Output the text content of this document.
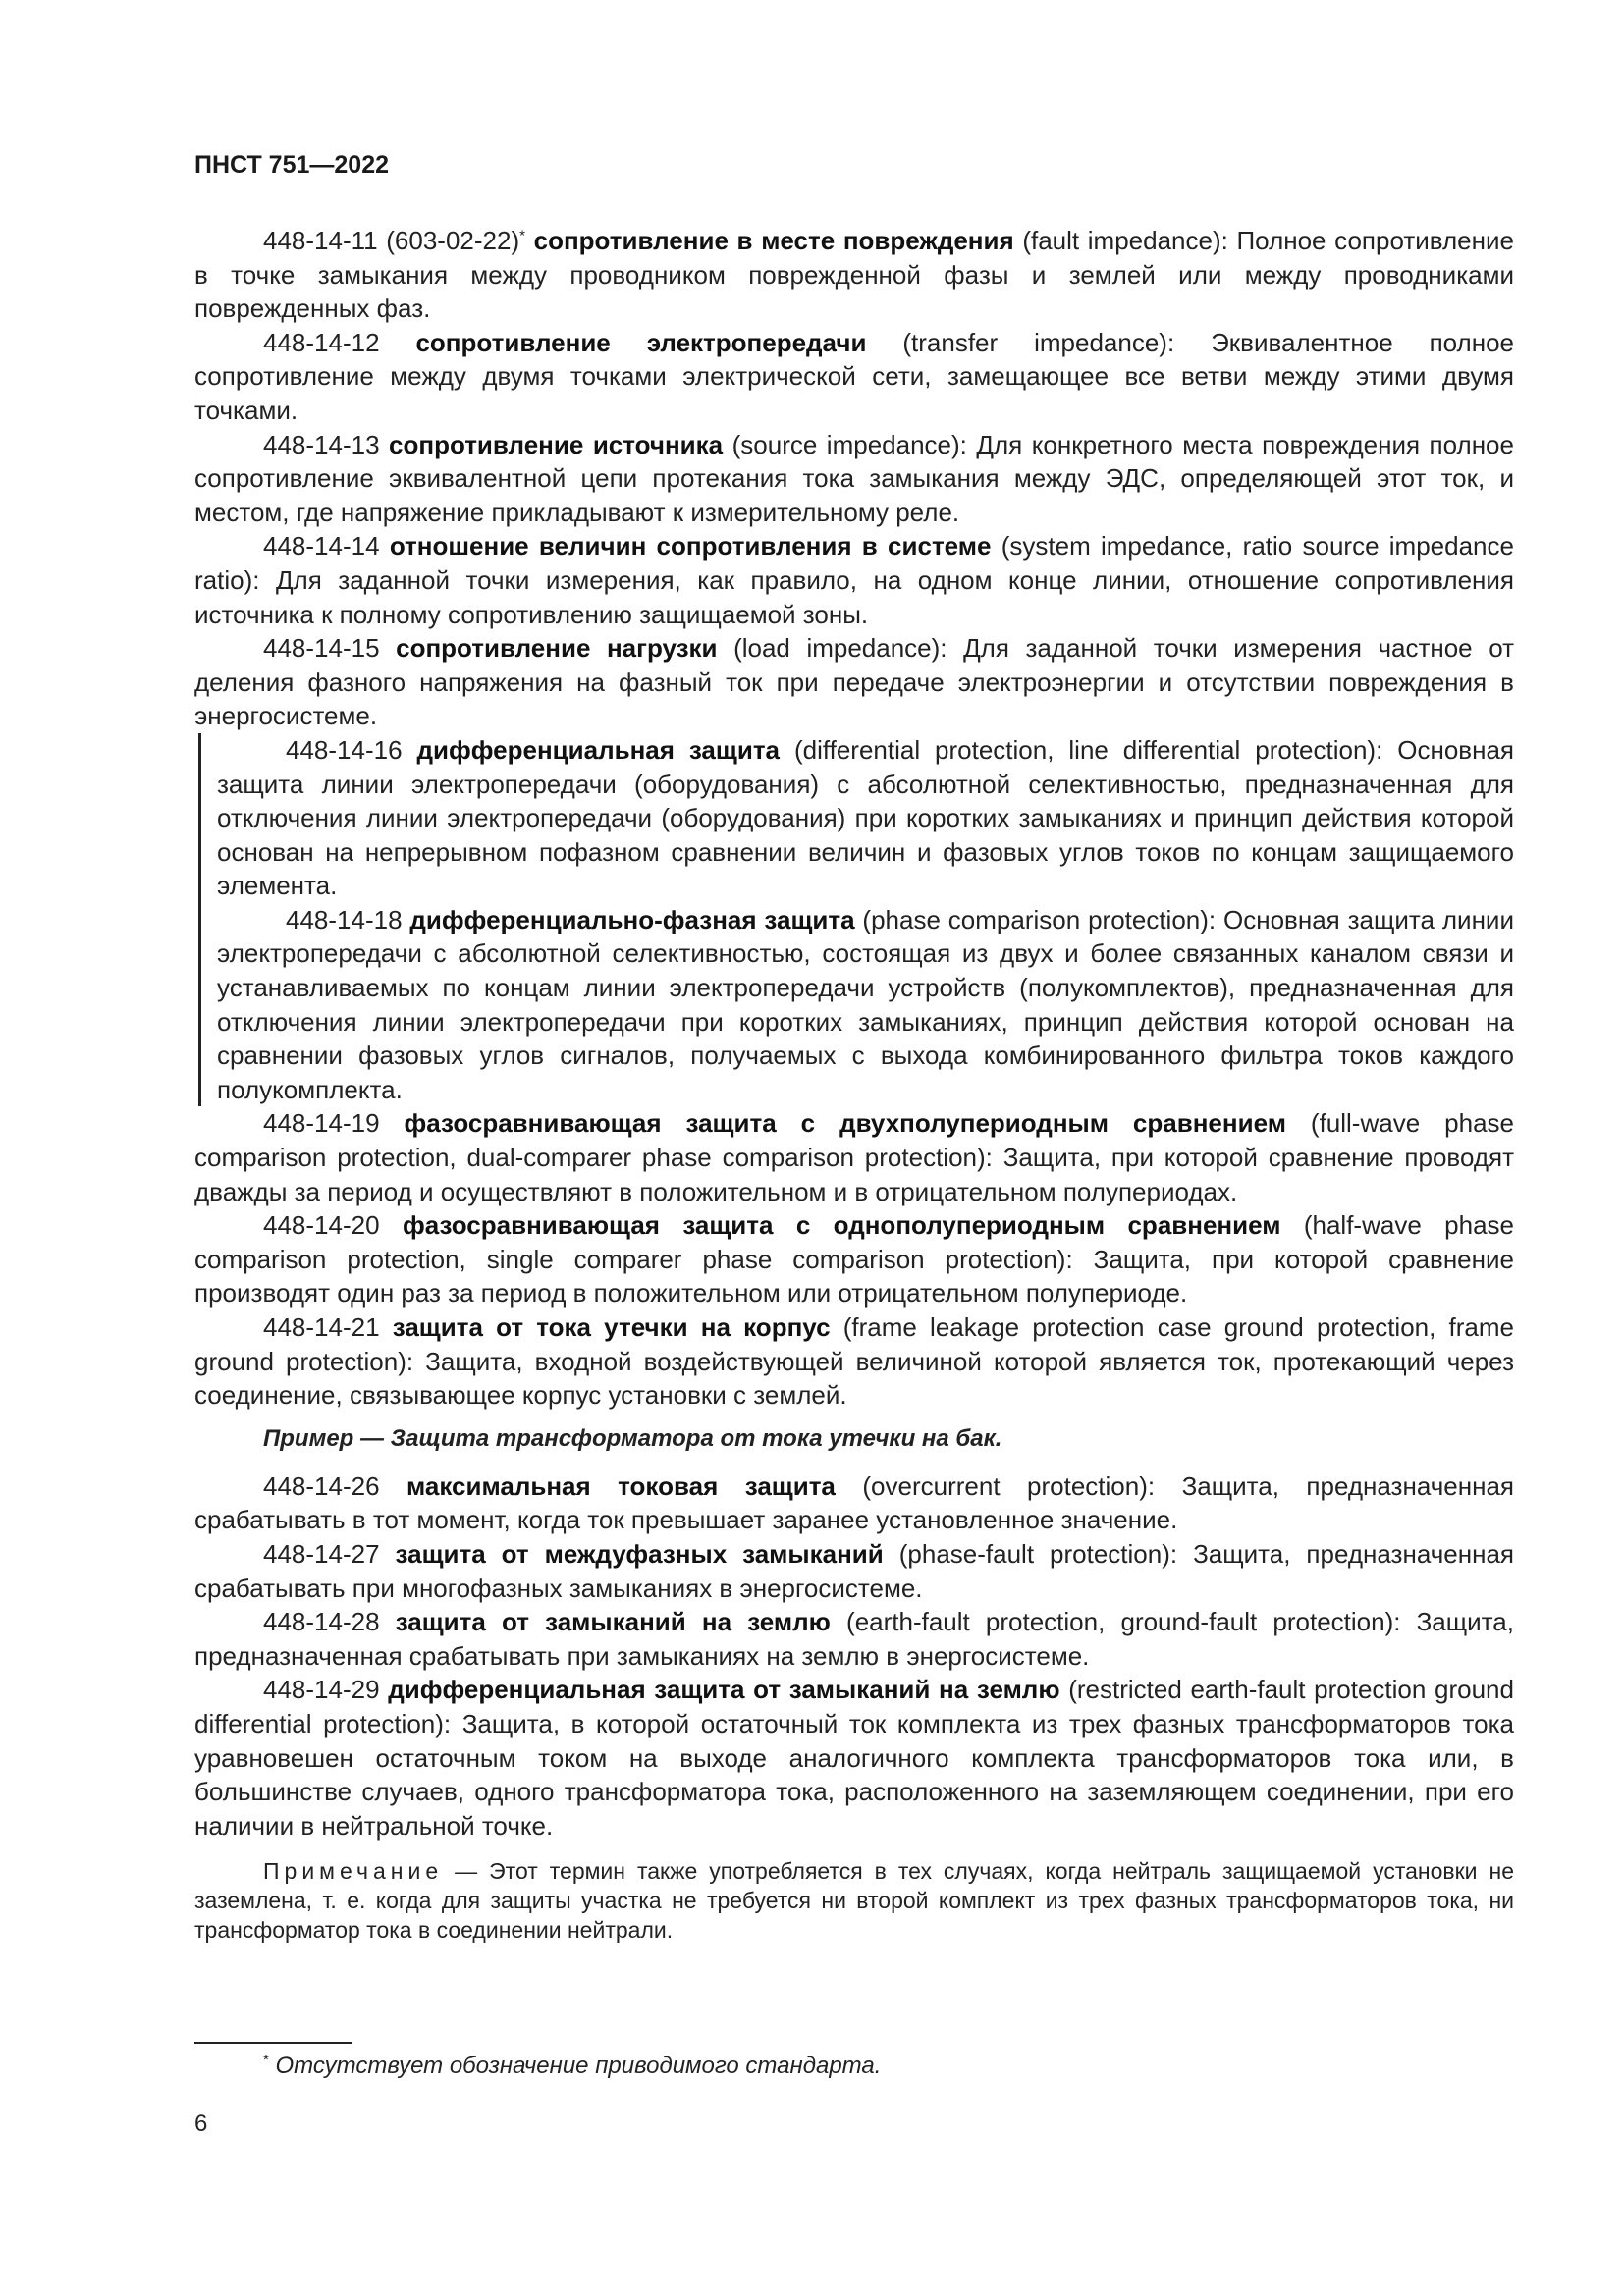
ПНСТ 751—2022

448-14-11 (603-02-22)* сопротивление в месте повреждения (fault impedance): Полное сопротивление в точке замыкания между проводником поврежденной фазы и землей или между проводниками поврежденных фаз.

448-14-12 сопротивление электропередачи (transfer impedance): Эквивалентное полное сопротивление между двумя точками электрической сети, замещающее все ветви между этими двумя точками.

448-14-13 сопротивление источника (source impedance): Для конкретного места повреждения полное сопротивление эквивалентной цепи протекания тока замыкания между ЭДС, определяющей этот ток, и местом, где напряжение прикладывают к измерительному реле.

448-14-14 отношение величин сопротивления в системе (system impedance, ratio source impedance ratio): Для заданной точки измерения, как правило, на одном конце линии, отношение сопротивления источника к полному сопротивлению защищаемой зоны.

448-14-15 сопротивление нагрузки (load impedance): Для заданной точки измерения частное от деления фазного напряжения на фазный ток при передаче электроэнергии и отсутствии повреждения в энергосистеме.

448-14-16 дифференциальная защита (differential protection, line differential protection): Основная защита линии электропередачи (оборудования) с абсолютной селективностью, предназначенная для отключения линии электропередачи (оборудования) при коротких замыканиях и принцип действия которой основан на непрерывном пофазном сравнении величин и фазовых углов токов по концам защищаемого элемента.

448-14-18 дифференциально-фазная защита (phase comparison protection): Основная защита линии электропередачи с абсолютной селективностью, состоящая из двух и более связанных каналом связи и устанавливаемых по концам линии электропередачи устройств (полукомплектов), предназначенная для отключения линии электропередачи при коротких замыканиях, принцип действия которой основан на сравнении фазовых углов сигналов, получаемых с выхода комбинированного фильтра токов каждого полукомплекта.

448-14-19 фазосравнивающая защита с двухполупериодным сравнением (full-wave phase comparison protection, dual-comparer phase comparison protection): Защита, при которой сравнение проводят дважды за период и осуществляют в положительном и в отрицательном полупериодах.

448-14-20 фазосравнивающая защита с однополупериодным сравнением (half-wave phase comparison protection, single comparer phase comparison protection): Защита, при которой сравнение производят один раз за период в положительном или отрицательном полупериоде.

448-14-21 защита от тока утечки на корпус (frame leakage protection case ground protection, frame ground protection): Защита, входной воздействующей величиной которой является ток, протекающий через соединение, связывающее корпус установки с землей.

Пример — Защита трансформатора от тока утечки на бак.

448-14-26 максимальная токовая защита (overcurrent protection): Защита, предназначенная срабатывать в тот момент, когда ток превышает заранее установленное значение.

448-14-27 защита от междуфазных замыканий (phase-fault protection): Защита, предназначенная срабатывать при многофазных замыканиях в энергосистеме.

448-14-28 защита от замыканий на землю (earth-fault protection, ground-fault protection): Защита, предназначенная срабатывать при замыканиях на землю в энергосистеме.

448-14-29 дифференциальная защита от замыканий на землю (restricted earth-fault protection ground differential protection): Защита, в которой остаточный ток комплекта из трех фазных трансформаторов тока уравновешен остаточным током на выходе аналогичного комплекта трансформаторов тока или, в большинстве случаев, одного трансформатора тока, расположенного на заземляющем соединении, при его наличии в нейтральной точке.

Примечание — Этот термин также употребляется в тех случаях, когда нейтраль защищаемой установки не заземлена, т. е. когда для защиты участка не требуется ни второй комплект из трех фазных трансформаторов тока, ни трансформатор тока в соединении нейтрали.

* Отсутствует обозначение приводимого стандарта.
6
